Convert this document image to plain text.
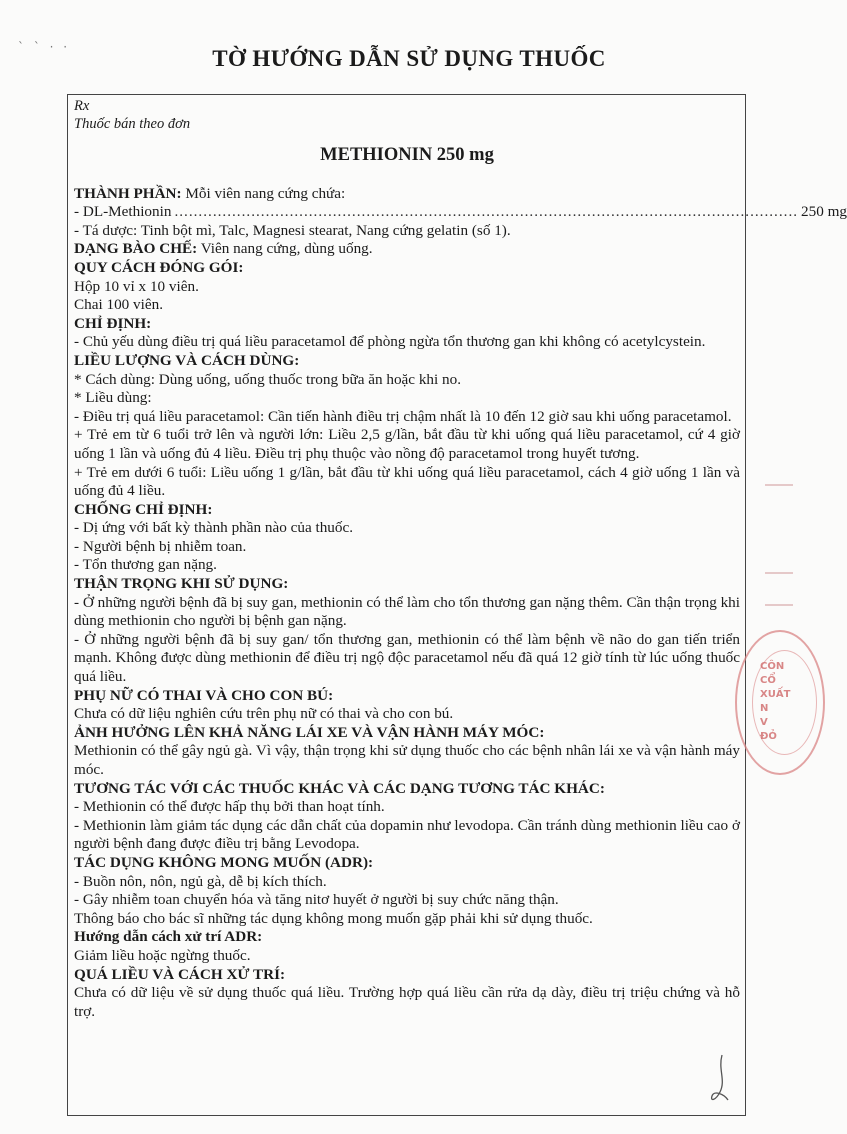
` ` · ·	TỜ HƯỚNG DẪN SỬ DỤNG THUỐC
Rx
Thuốc bán theo đơn
METHIONIN 250 mg
THÀNH PHẦN: Mỗi viên nang cứng chứa:
- DL-Methionin .................................................................................................................................. 250 mg
- Tá dược: Tinh bột mì, Talc, Magnesi stearat, Nang cứng gelatin (số 1).
DẠNG BÀO CHẾ: Viên nang cứng, dùng uống.
QUY CÁCH ĐÓNG GÓI:
Hộp 10 vỉ x 10 viên.
Chai 100 viên.
CHỈ ĐỊNH:
- Chủ yếu dùng điều trị quá liều paracetamol để phòng ngừa tổn thương gan khi không có acetylcystein.
LIỀU LƯỢNG VÀ CÁCH DÙNG:
* Cách dùng: Dùng uống, uống thuốc trong bữa ăn hoặc khi no.
* Liều dùng:
- Điều trị quá liều paracetamol: Cần tiến hành điều trị chậm nhất là 10 đến 12 giờ sau khi uống paracetamol.
+ Trẻ em từ 6 tuổi trở lên và người lớn: Liều 2,5 g/lần, bắt đầu từ khi uống quá liều paracetamol, cứ 4 giờ uống 1 lần và uống đủ 4 liều. Điều trị phụ thuộc vào nồng độ paracetamol trong huyết tương.
+ Trẻ em dưới 6 tuổi: Liều uống 1 g/lần, bắt đầu từ khi uống quá liều paracetamol, cách 4 giờ uống 1 lần và uống đủ 4 liều.
CHỐNG CHỈ ĐỊNH:
- Dị ứng với bất kỳ thành phần nào của thuốc.
- Người bệnh bị nhiễm toan.
- Tổn thương gan nặng.
THẬN TRỌNG KHI SỬ DỤNG:
- Ở những người bệnh đã bị suy gan, methionin có thể làm cho tổn thương gan nặng thêm. Cần thận trọng khi dùng methionin cho người bị bệnh gan nặng.
- Ở những người bệnh đã bị suy gan/ tổn thương gan, methionin có thể làm bệnh về não do gan tiến triển mạnh. Không được dùng methionin để điều trị ngộ độc paracetamol nếu đã quá 12 giờ tính từ lúc uống thuốc quá liều.
PHỤ NỮ CÓ THAI VÀ CHO CON BÚ:
Chưa có dữ liệu nghiên cứu trên phụ nữ có thai và cho con bú.
ẢNH HƯỞNG LÊN KHẢ NĂNG LÁI XE VÀ VẬN HÀNH MÁY MÓC:
Methionin có thể gây ngủ gà. Vì vậy, thận trọng khi sử dụng thuốc cho các bệnh nhân lái xe và vận hành máy móc.
TƯƠNG TÁC VỚI CÁC THUỐC KHÁC VÀ CÁC DẠNG TƯƠNG TÁC KHÁC:
- Methionin có thể được hấp thụ bởi than hoạt tính.
- Methionin làm giảm tác dụng các dẫn chất của dopamin như levodopa. Cần tránh dùng methionin liều cao ở người bệnh đang được điều trị bằng Levodopa.
TÁC DỤNG KHÔNG MONG MUỐN (ADR):
- Buồn nôn, nôn, ngủ gà, dễ bị kích thích.
- Gây nhiễm toan chuyển hóa và tăng nitơ huyết ở người bị suy chức năng thận.
Thông báo cho bác sĩ những tác dụng không mong muốn gặp phải khi sử dụng thuốc.
Hướng dẫn cách xử trí ADR:
Giảm liều hoặc ngừng thuốc.
QUÁ LIỀU VÀ CÁCH XỬ TRÍ:
Chưa có dữ liệu về sử dụng thuốc quá liều. Trường hợp quá liều cần rửa dạ dày, điều trị triệu chứng và hỗ trợ.
CÔN
CỔ
XUẤT N
V
ĐỎ
